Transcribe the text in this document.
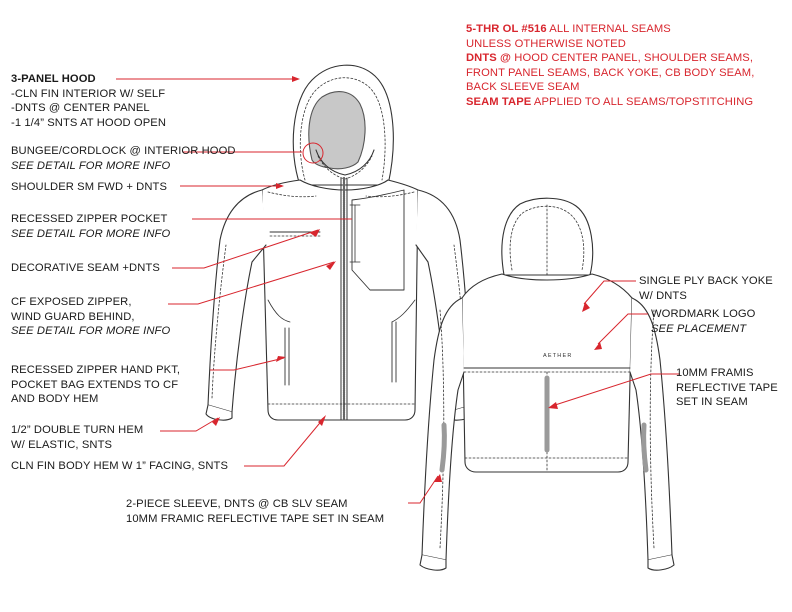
AETHER
5-THR OL #516 ALL INTERNAL SEAMS
UNLESS OTHERWISE NOTED
DNTS @ HOOD CENTER PANEL, SHOULDER SEAMS,
FRONT PANEL SEAMS, BACK YOKE, CB BODY SEAM,
BACK SLEEVE SEAM
SEAM TAPE APPLIED TO ALL SEAMS/TOPSTITCHING
3-PANEL HOOD
-CLN FIN INTERIOR W/ SELF
-DNTS @ CENTER PANEL
-1 1/4” SNTS AT HOOD OPEN
BUNGEE/CORDLOCK @ INTERIOR HOOD
SEE DETAIL FOR MORE INFO
SHOULDER SM FWD + DNTS
RECESSED ZIPPER POCKET
SEE DETAIL FOR MORE INFO
DECORATIVE SEAM +DNTS
CF EXPOSED ZIPPER,
WIND GUARD BEHIND,
SEE DETAIL FOR MORE INFO
RECESSED ZIPPER HAND PKT,
POCKET BAG EXTENDS TO CF
AND BODY HEM
1/2” DOUBLE TURN HEM
W/ ELASTIC, SNTS
CLN FIN BODY HEM W 1” FACING, SNTS
SINGLE PLY BACK YOKE
W/ DNTS
WORDMARK LOGO
SEE PLACEMENT
10MM FRAMIS
REFLECTIVE TAPE
SET IN SEAM
2-PIECE SLEEVE, DNTS @ CB SLV SEAM
10MM FRAMIC REFLECTIVE TAPE SET IN SEAM
